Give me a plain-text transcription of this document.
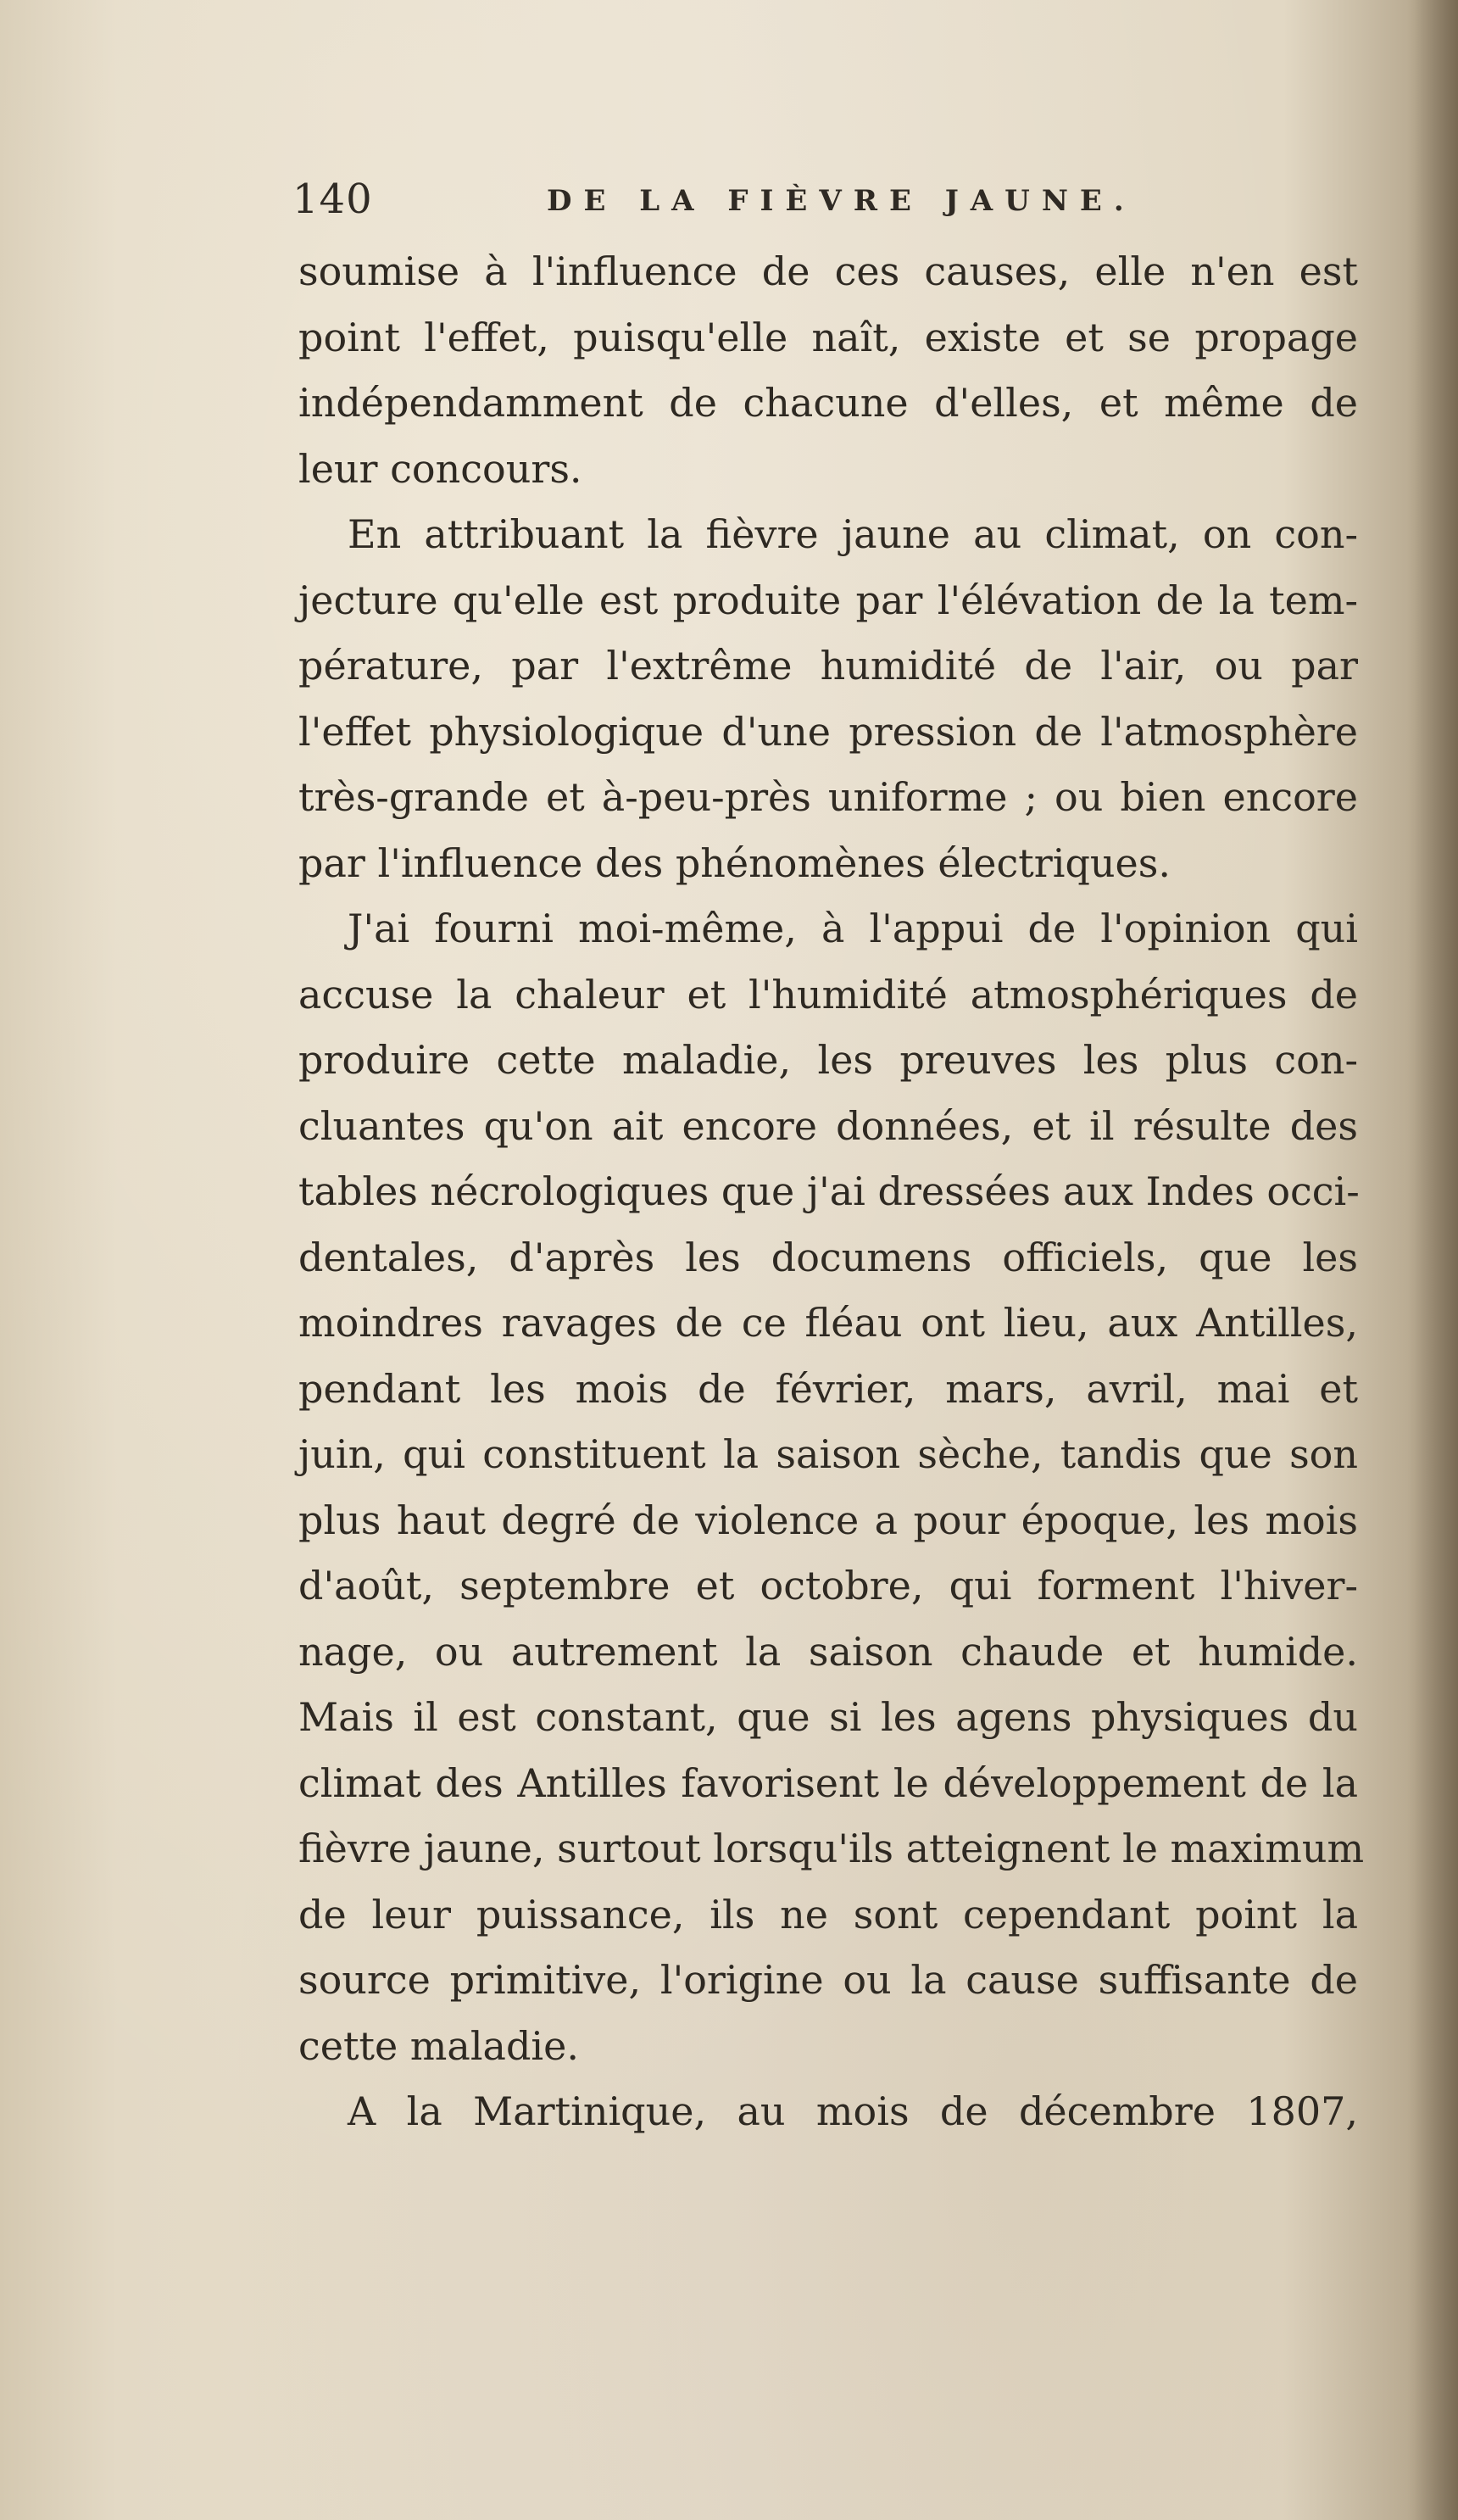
140	DE LA FIÈVRE JAUNE.
soumise à l'influence de ces causes, elle n'en est
point l'effet, puisqu'elle naît, existe et se propage
indépendamment de chacune d'elles, et même de
leur concours.
En attribuant la fièvre jaune au climat, on con-
jecture qu'elle est produite par l'élévation de la tem-
pérature, par l'extrême humidité de l'air, ou par
l'effet physiologique d'une pression de l'atmosphère
très-grande et à-peu-près uniforme ; ou bien encore
par l'influence des phénomènes électriques.
J'ai fourni moi-même, à l'appui de l'opinion qui
accuse la chaleur et l'humidité atmosphériques de
produire cette maladie, les preuves les plus con-
cluantes qu'on ait encore données, et il résulte des
tables nécrologiques que j'ai dressées aux Indes occi-
dentales, d'après les documens officiels, que les
moindres ravages de ce fléau ont lieu, aux Antilles,
pendant les mois de février, mars, avril, mai et
juin, qui constituent la saison sèche, tandis que son
plus haut degré de violence a pour époque, les mois
d'août, septembre et octobre, qui forment l'hiver-
nage, ou autrement la saison chaude et humide.
Mais il est constant, que si les agens physiques du
climat des Antilles favorisent le développement de la
fièvre jaune, surtout lorsqu'ils atteignent le maximum
de leur puissance, ils ne sont cependant point la
source primitive, l'origine ou la cause suffisante de
cette maladie.
A la Martinique, au mois de décembre 1807,
